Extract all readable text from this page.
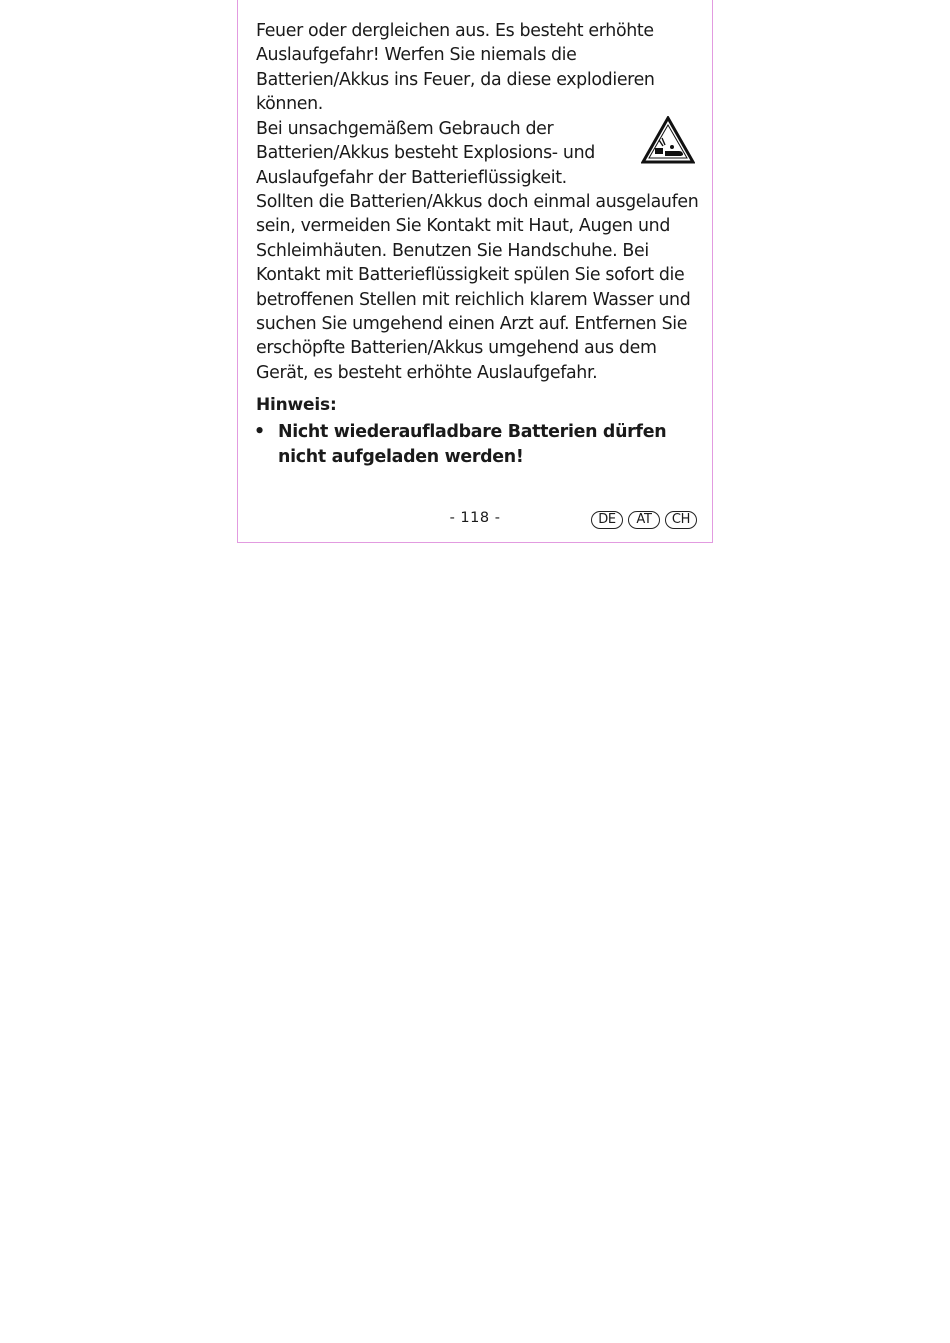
Feuer oder dergleichen aus. Es besteht erhöhte Auslaufgefahr! Werfen Sie niemals die Batterien/Akkus ins Feuer, da diese explodieren können.
Bei unsachgemäßem Gebrauch der Batterien/Akkus besteht Explosions- und Auslaufgefahr der Batterieflüssigkeit.
Sollten die Batterien/Akkus doch einmal ausgelaufen sein, vermeiden Sie Kontakt mit Haut, Augen und Schleimhäuten. Benutzen Sie Handschuhe. Bei Kontakt mit Batterieflüssigkeit spülen Sie sofort die betroffenen Stellen mit reichlich klarem Wasser und suchen Sie umgehend einen Arzt auf. Entfernen Sie erschöpfte Batterien/Akkus umgehend aus dem Gerät, es besteht erhöhte Auslaufgefahr.
Hinweis:
• Nicht wiederaufladbare Batterien dürfen nicht aufgeladen werden!
- 118 -	DE	AT	CH
